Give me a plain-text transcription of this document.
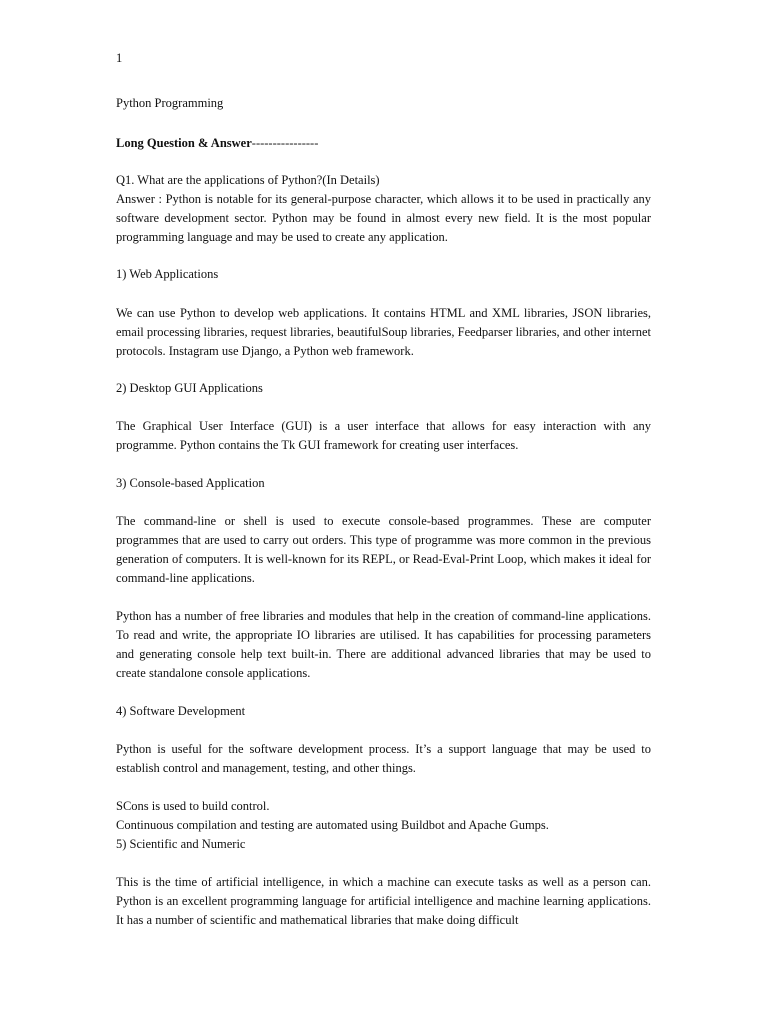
1

Python Programming

Long Question & Answer----------------

Q1. What are the applications of Python?(In Details)

Answer : Python is notable for its general-purpose character, which allows it to be used in practically any software development sector. Python may be found in almost every new field. It is the most popular programming language and may be used to create any application.

1) Web Applications

We can use Python to develop web applications. It contains HTML and XML libraries, JSON libraries, email processing libraries, request libraries, beautifulSoup libraries, Feedparser libraries, and other internet protocols. Instagram use Django, a Python web framework.

2) Desktop GUI Applications

The Graphical User Interface (GUI) is a user interface that allows for easy interaction with any programme. Python contains the Tk GUI framework for creating user interfaces.

3) Console-based Application

The command-line or shell is used to execute console-based programmes. These are computer programmes that are used to carry out orders. This type of programme was more common in the previous generation of computers. It is well-known for its REPL, or Read-Eval-Print Loop, which makes it ideal for command-line applications.

Python has a number of free libraries and modules that help in the creation of command-line applications. To read and write, the appropriate IO libraries are utilised. It has capabilities for processing parameters and generating console help text built-in. There are additional advanced libraries that may be used to create standalone console applications.

4) Software Development

Python is useful for the software development process. It’s a support language that may be used to establish control and management, testing, and other things.

SCons is used to build control.

Continuous compilation and testing are automated using Buildbot and Apache Gumps.

5) Scientific and Numeric

This is the time of artificial intelligence, in which a machine can execute tasks as well as a person can. Python is an excellent programming language for artificial intelligence and machine learning applications. It has a number of scientific and mathematical libraries that make doing difficult
